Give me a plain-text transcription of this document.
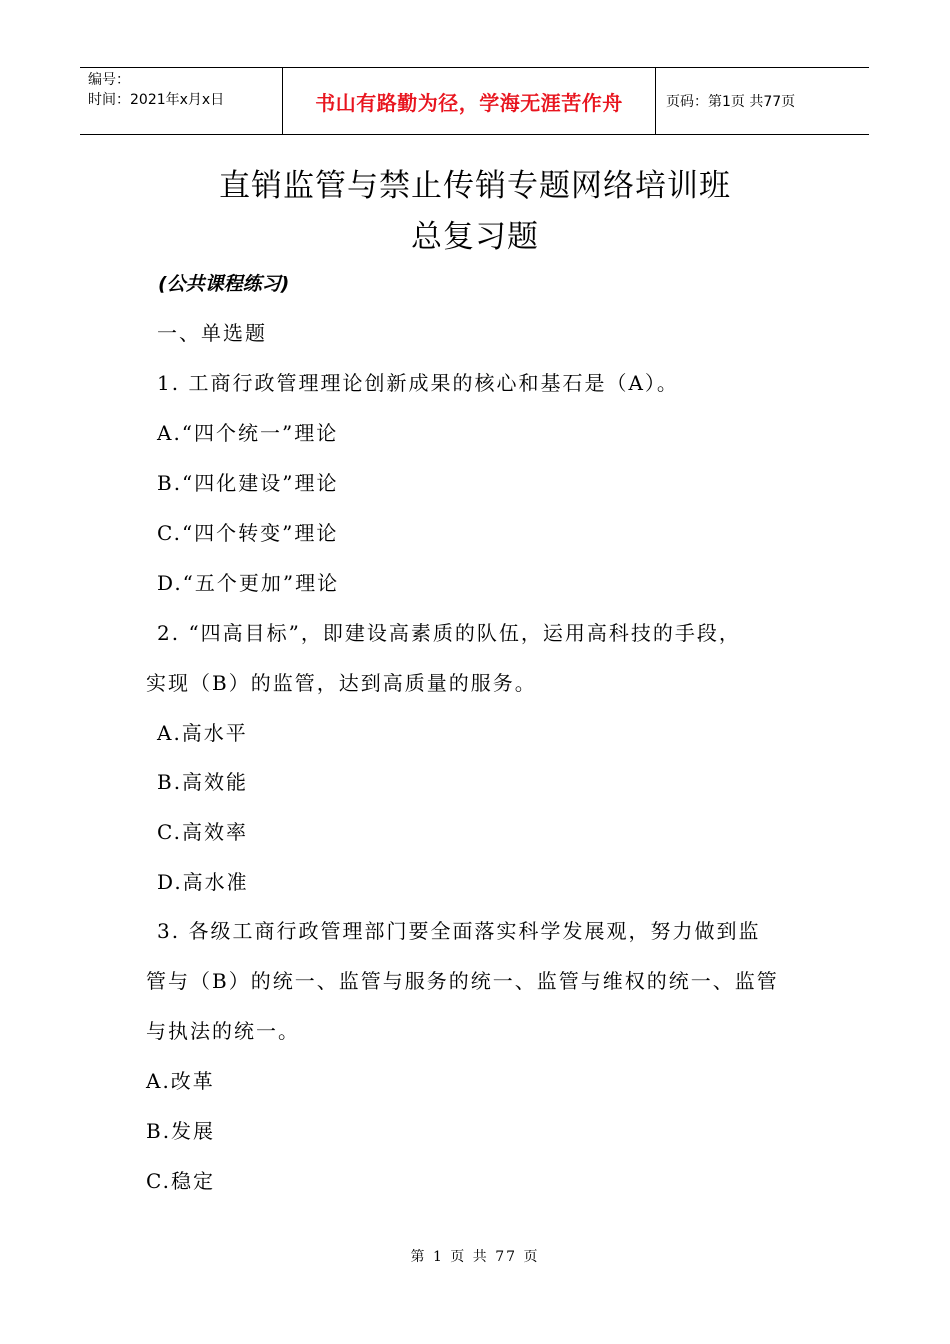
编号：
时间：2021年x月x日	书山有路勤为径，学海无涯苦作舟	页码：第1页 共77页
直销监管与禁止传销专题网络培训班
总复习题
(公共课程练习)
一、单选题
1. 工商行政管理理论创新成果的核心和基石是（A）。
A.“四个统一”理论
B.“四化建设”理论
C.“四个转变”理论
D.“五个更加”理论
2. “四高目标”，即建设高素质的队伍，运用高科技的手段，
实现（B）的监管，达到高质量的服务。
A.高水平
B.高效能
C.高效率
D.高水准
3. 各级工商行政管理部门要全面落实科学发展观，努力做到监
管与（B）的统一、监管与服务的统一、监管与维权的统一、监管
与执法的统一。
A.改革
B.发展
C.稳定
第 1 页 共 77 页
